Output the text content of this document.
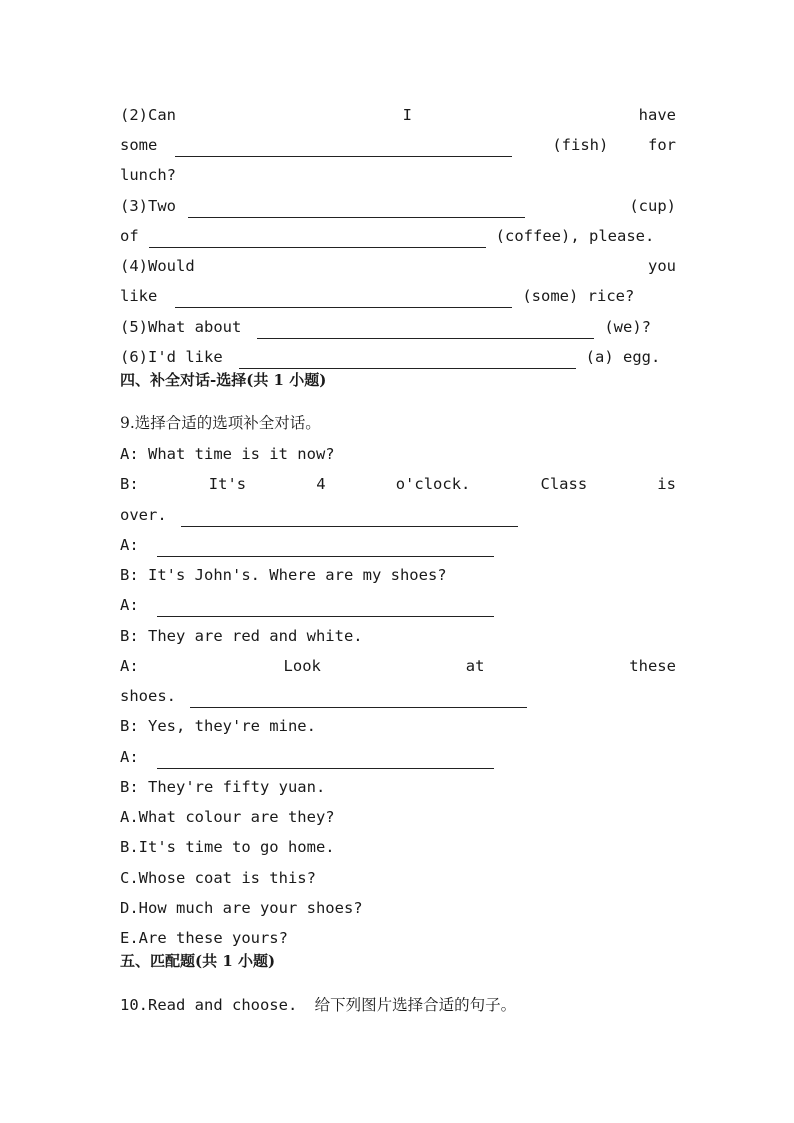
(2)Can	I	have
some	(fish)	for
lunch?
(3)Two	(cup)
of	(coffee), please.
(4)Would	you
like	(some) rice?
(5)What about	(we)?
(6)I'd like	(a) egg.
四、补全对话-选择(共 1 小题)
9.选择合适的选项补全对话。
A: What time is it now?
B:	It's	4	o'clock.	Class	is
over.
A:
B: It's John's. Where are my shoes?
A:
B: They are red and white.
A:	Look	at	these
shoes.
B: Yes, they're mine.
A:
B: They're fifty yuan.
A.What colour are they?
B.It's time to go home.
C.Whose coat is this?
D.How much are your shoes?
E.Are these yours?
五、匹配题(共 1 小题)
10.Read and choose. 给下列图片选择合适的句子。
